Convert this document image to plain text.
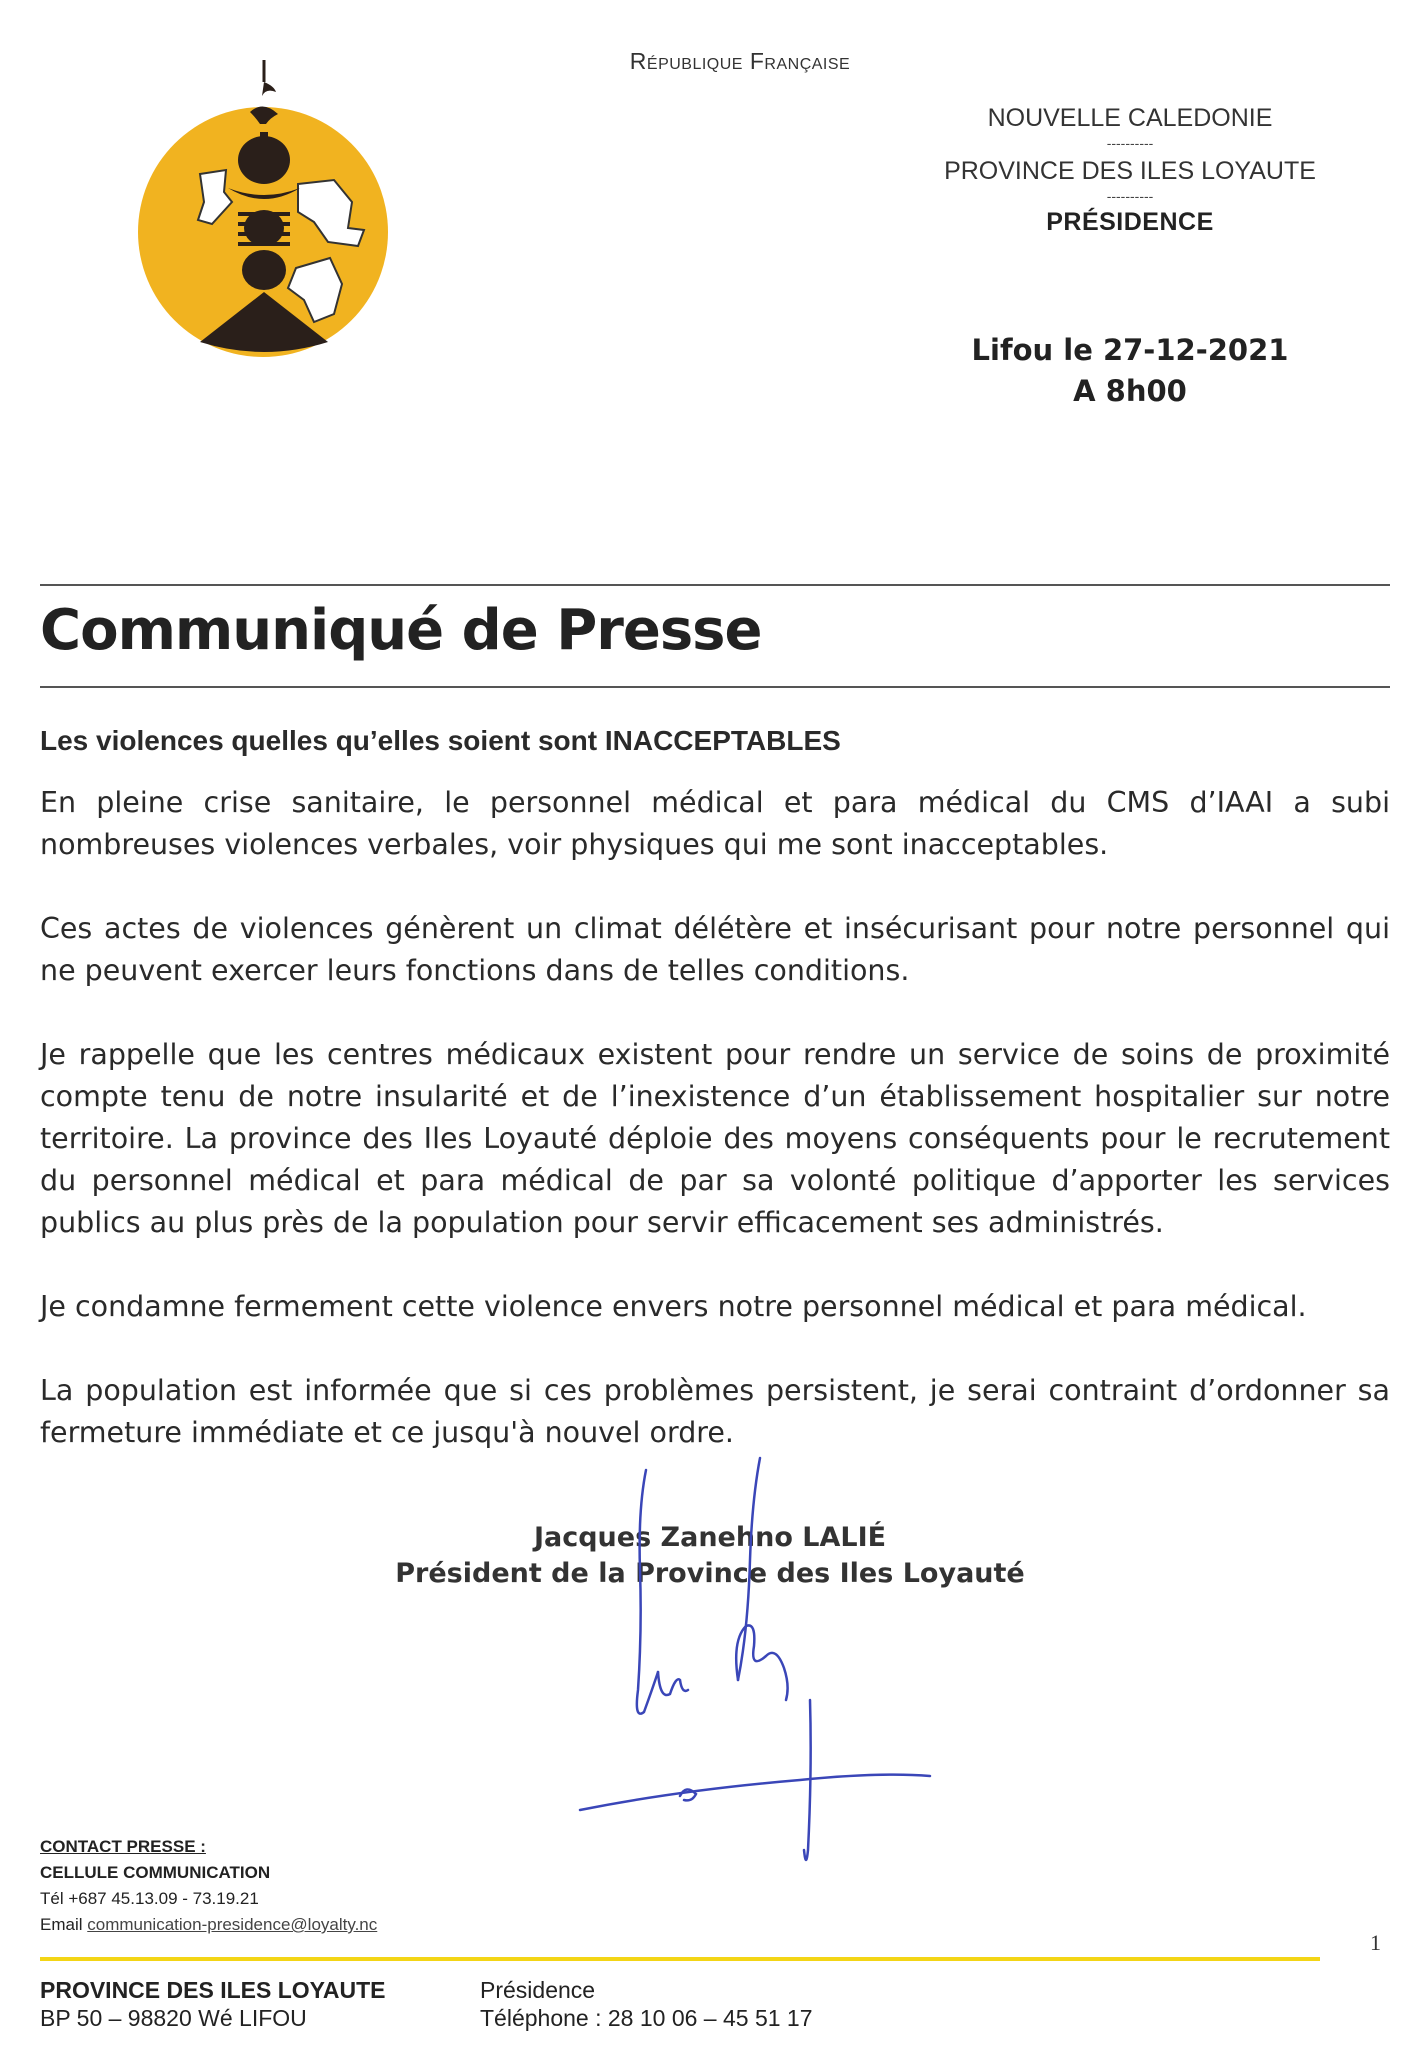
République Française
NOUVELLE CALEDONIE
----------
PROVINCE DES ILES LOYAUTE
----------
PRÉSIDENCE
Lifou le 27-12-2021
A 8h00
Communiqué de Presse
Les violences quelles qu’elles soient sont INACCEPTABLES
En pleine crise sanitaire, le personnel médical et para médical du CMS d’IAAI a subi nombreuses violences verbales, voir physiques qui me sont inacceptables.
Ces actes de violences génèrent un climat délétère et insécurisant pour notre personnel qui ne peuvent exercer leurs fonctions dans de telles conditions.
Je rappelle que les centres médicaux existent pour rendre un service de soins de proximité compte tenu de notre insularité et de l’inexistence d’un établissement hospitalier sur notre territoire. La province des Iles Loyauté déploie des moyens conséquents pour le recrutement du personnel médical et para médical de par sa volonté politique d’apporter les services publics au plus près de la population pour servir efficacement ses administrés.
Je condamne fermement cette violence envers notre personnel médical et para médical.
La population est informée que si ces problèmes persistent, je serai contraint d’ordonner sa fermeture immédiate et ce jusqu'à nouvel ordre.
Jacques Zanehno LALIÉ
Président de la Province des Iles Loyauté
CONTACT PRESSE :
CELLULE COMMUNICATION
Tél +687 45.13.09 - 73.19.21
Email communication-presidence@loyalty.nc
1
PROVINCE DES ILES LOYAUTE
BP 50 – 98820 Wé LIFOU
Présidence
Téléphone : 28 10 06 – 45 51 17
